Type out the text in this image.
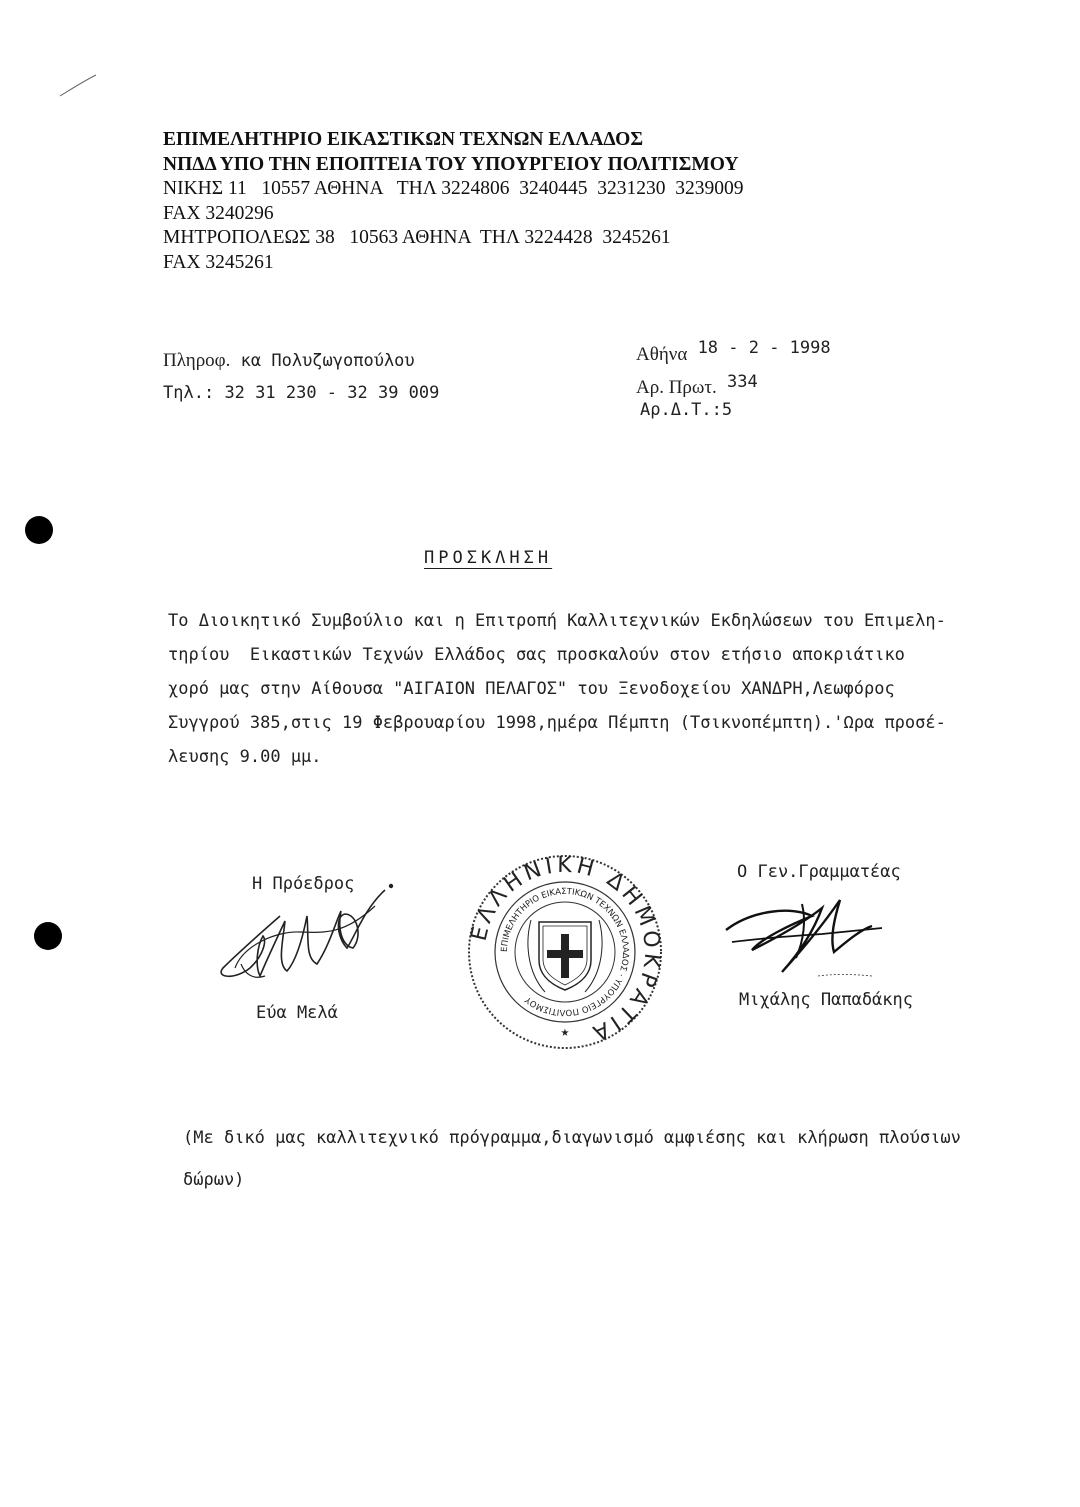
ΕΠΙΜΕΛΗΤΗΡΙΟ ΕΙΚΑΣΤΙΚΩΝ ΤΕΧΝΩΝ ΕΛΛΑΔΟΣ
ΝΠΔΔ ΥΠΟ ΤΗΝ ΕΠΟΠΤΕΙΑ ΤΟΥ ΥΠΟΥΡΓΕΙΟΥ ΠΟΛΙΤΙΣΜΟΥ
ΝΙΚΗΣ 11   10557 ΑΘΗΝΑ   ΤΗΛ 3224806  3240445  3231230  3239009
FAX 3240296
ΜΗΤΡΟΠΟΛΕΩΣ 38   10563 ΑΘΗΝΑ  ΤΗΛ 3224428  3245261
FAX 3245261
Πληροφ. κα Πολυζωγοπούλου
Τηλ.: 32 31 230 - 32 39 009
Αθήνα 18 - 2 - 1998
Αρ. Πρωτ. 334
Αρ.Δ.Τ.:5
ΠΡΟΣΚΛΗΣΗ
Το Διοικητικό Συμβούλιο και η Επιτροπή Καλλιτεχνικών Εκδηλώσεων του Επιμελη-
τηρίου  Εικαστικών Τεχνών Ελλάδος σας προσκαλούν στον ετήσιο αποκριάτικο
χορό μας στην Αίθουσα "ΑΙΓΑΙΟΝ ΠΕΛΑΓΟΣ" του Ξενοδοχείου ΧΑΝΔΡΗ,Λεωφόρος
Συγγρού 385,στις 19 Φεβρουαρίου 1998,ημέρα Πέμπτη (Τσικνοπέμπτη).'Ωρα προσέ-
λευσης 9.00 μμ.
Η Πρόεδρος
Εύα Μελά
ΕΛΛΗΝΙΚΗ ΔΗΜΟΚΡΑΤΙΑ
ΕΠΙΜΕΛΗΤΗΡΙΟ ΕΙΚΑΣΤΙΚΩΝ ΤΕΧΝΩΝ ΕΛΛΑΔΟΣ · ΥΠΟΥΡΓΕΙΟ ΠΟΛΙΤΙΣΜΟΥ
★
Ο Γεν.Γραμματέας
Μιχάλης Παπαδάκης
(Με δικό μας καλλιτεχνικό πρόγραμμα,διαγωνισμό αμφιέσης και κλήρωση πλούσιων
δώρων)
